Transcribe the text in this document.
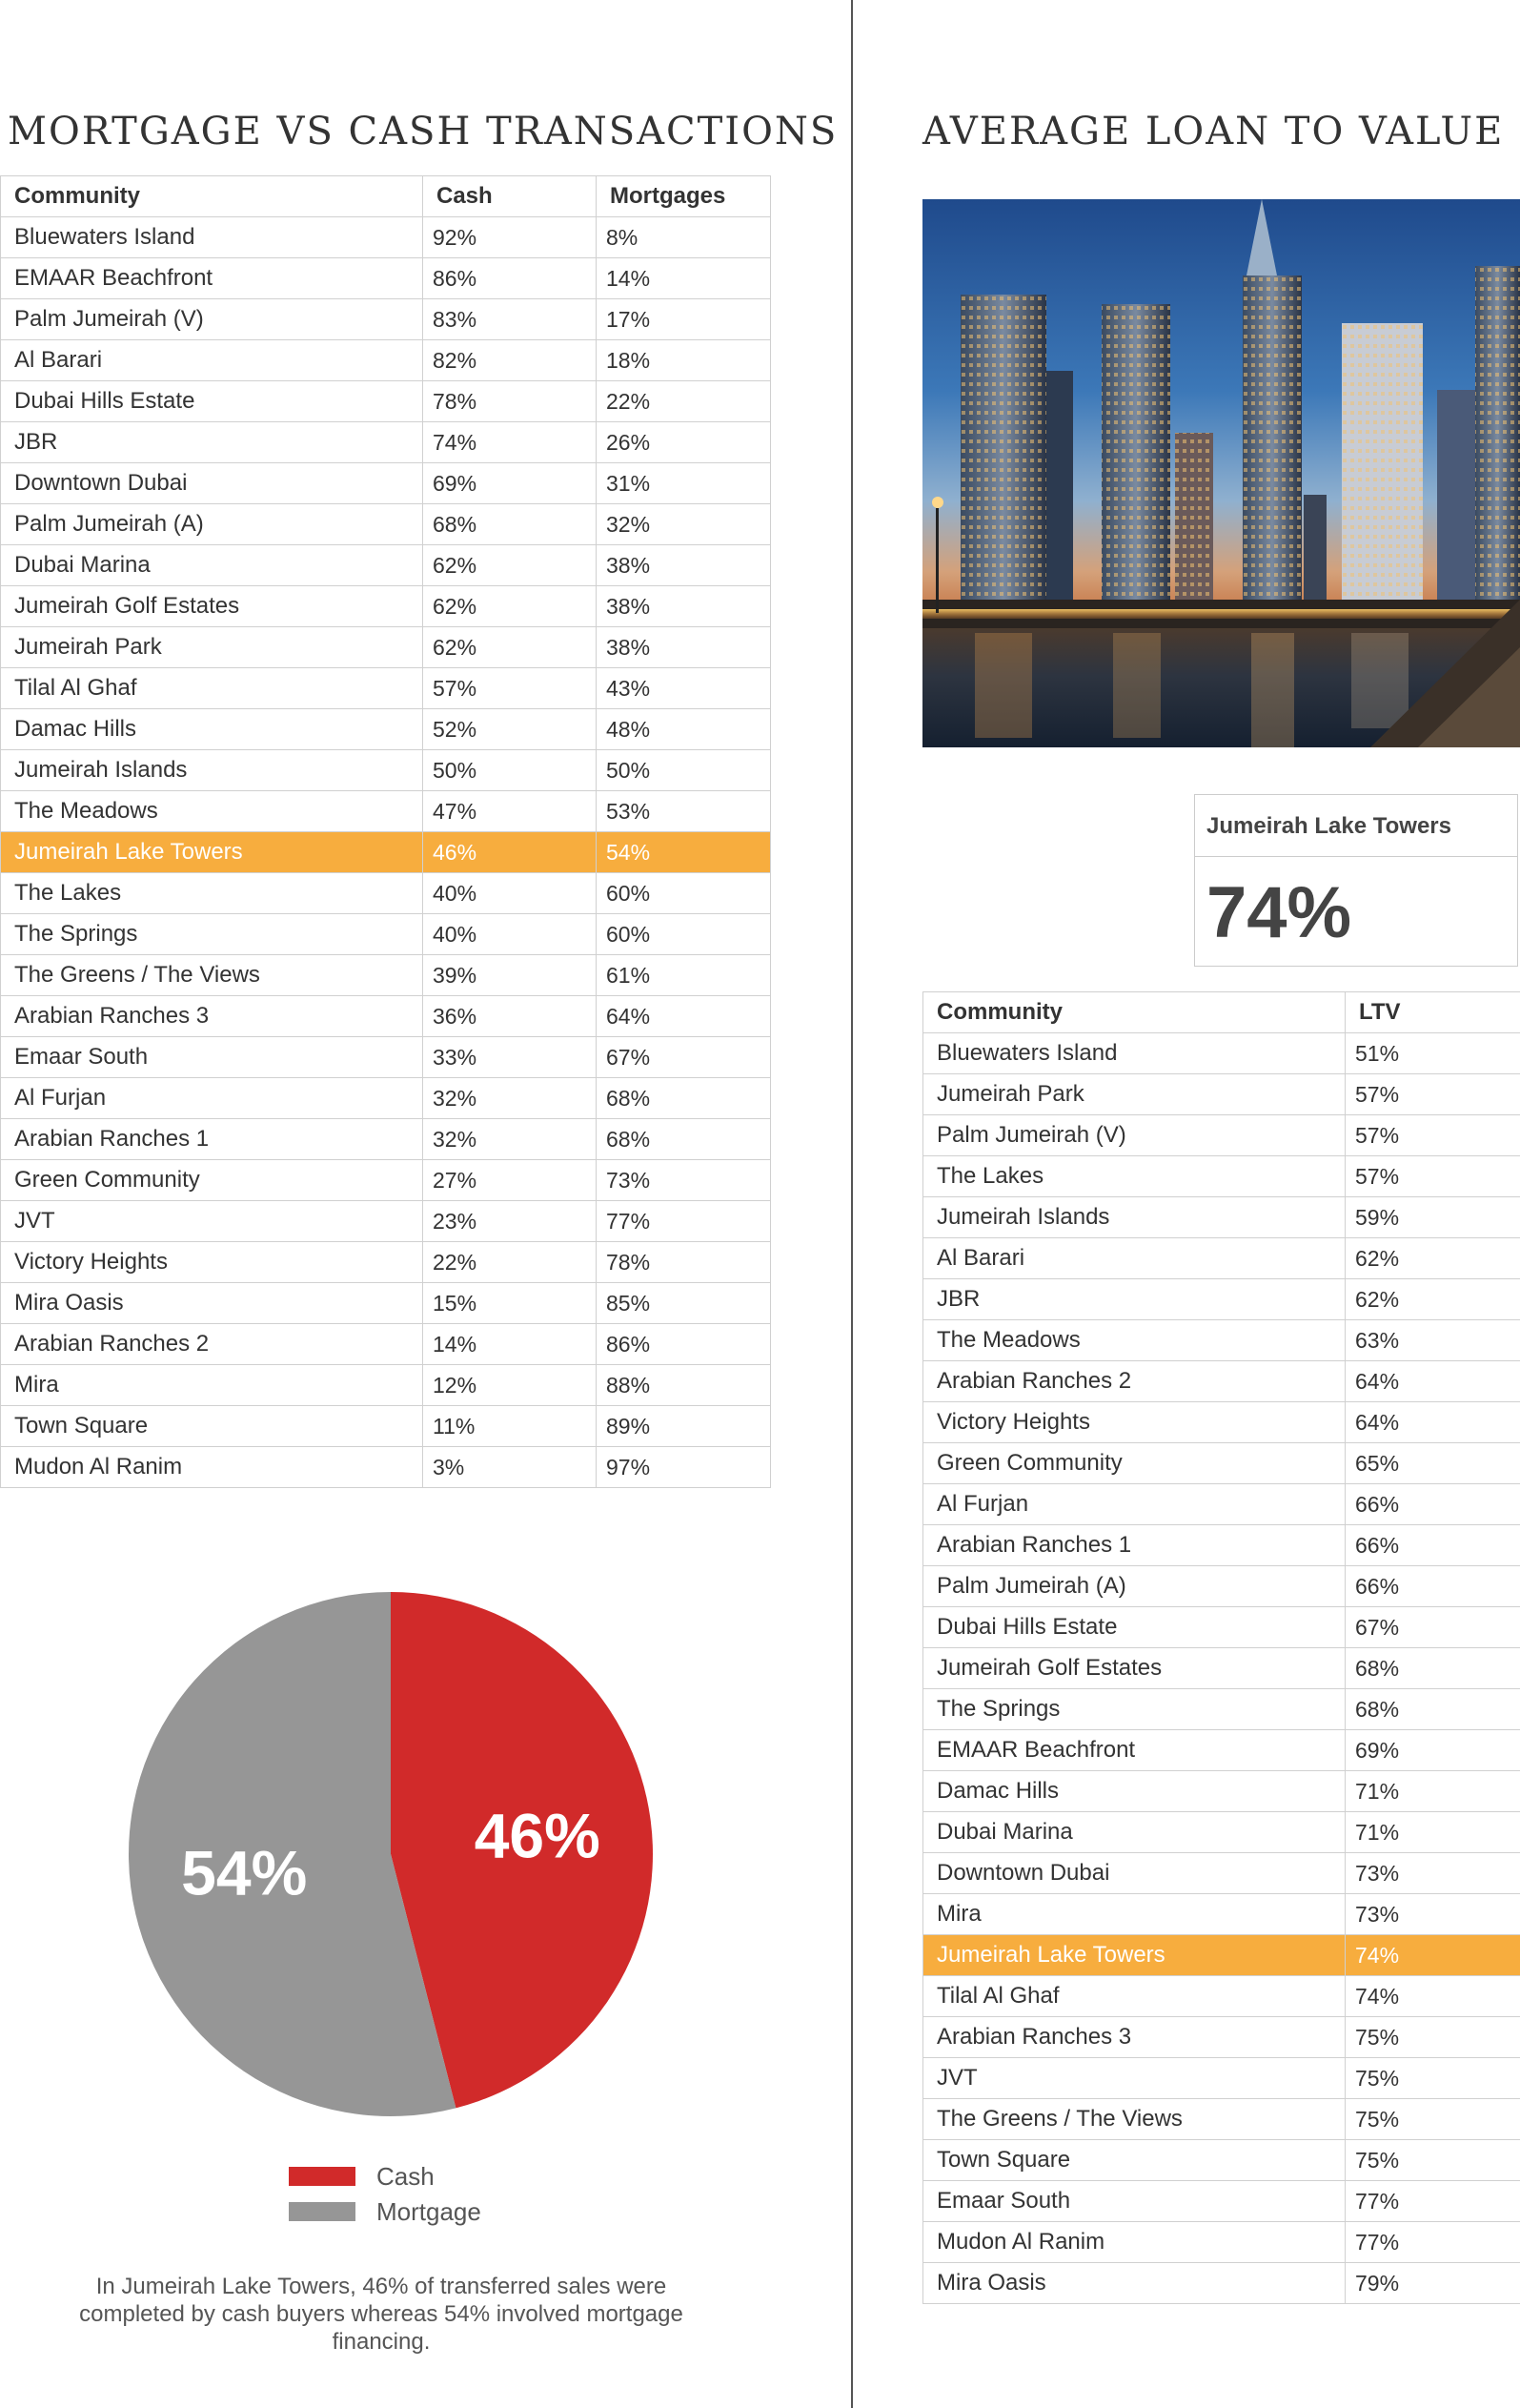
MORTGAGE VS CASH TRANSACTIONS AVERAGE LOAN TO VALUE
Community	Cash	Mortgages
Bluewaters Island	92%	8%
EMAAR Beachfront	86%	14%
Palm Jumeirah (V)	83%	17%
Al Barari	82%	18%
Dubai Hills Estate	78%	22%
JBR	74%	26%
Downtown Dubai	69%	31%
Palm Jumeirah (A)	68%	32%
Dubai Marina	62%	38%
Jumeirah Golf Estates	62%	38%
Jumeirah Park	62%	38%
Tilal Al Ghaf	57%	43%
Damac Hills	52%	48%
Jumeirah Islands	50%	50%
The Meadows	47%	53%
Jumeirah Lake Towers	46%	54%
The Lakes	40%	60%
The Springs	40%	60%
The Greens / The Views	39%	61%
Arabian Ranches 3	36%	64%
Emaar South	33%	67%
Al Furjan	32%	68%
Arabian Ranches 1	32%	68%
Green Community	27%	73%
JVT	23%	77%
Victory Heights	22%	78%
Mira Oasis	15%	85%
Arabian Ranches 2	14%	86%
Mira	12%	88%
Town Square	11%	89%
Mudon Al Ranim	3%	97%
Jumeirah Lake Towers
74%
Community	LTV
Bluewaters Island	51%
Jumeirah Park	57%
Palm Jumeirah (V)	57%
The Lakes	57%
Jumeirah Islands	59%
Al Barari	62%
JBR	62%
The Meadows	63%
Arabian Ranches 2	64%
Victory Heights	64%
Green Community	65%
Al Furjan	66%
Arabian Ranches 1	66%
Palm Jumeirah (A)	66%
Dubai Hills Estate	67%
Jumeirah Golf Estates	68%
The Springs	68%
EMAAR Beachfront	69%
Damac Hills	71%
Dubai Marina	71%
Downtown Dubai	73%
Mira	73%
Jumeirah Lake Towers	74%
Tilal Al Ghaf	74%
Arabian Ranches 3	75%
JVT	75%
The Greens / The Views	75%
Town Square	75%
Emaar South	77%
Mudon Al Ranim	77%
Mira Oasis	79%
46%
54%
Cash
Mortgage

In Jumeirah Lake Towers, 46% of transferred sales were completed by cash buyers whereas 54% involved mortgage financing.
